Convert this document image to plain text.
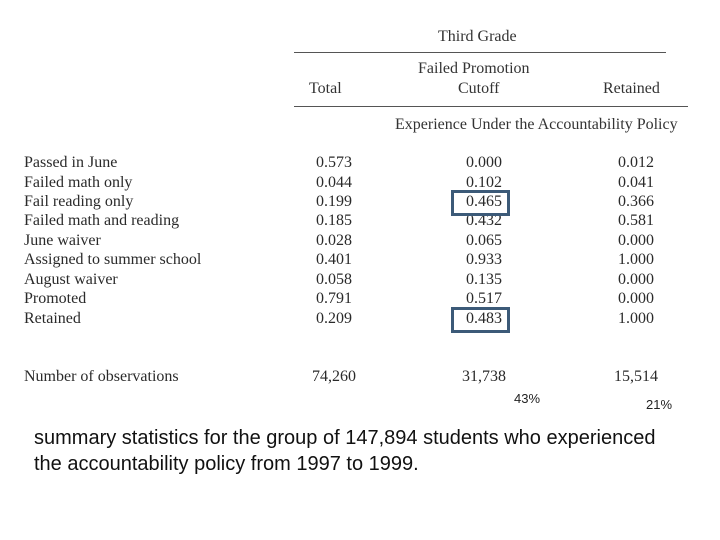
Third Grade
Failed Promotion
Total	Cutoff	Retained
Experience Under the Accountability Policy
Passed in June	0.573	0.000	0.012
Failed math only	0.044	0.102	0.041
Fail reading only	0.199	0.465	0.366
Failed math and reading	0.185	0.432	0.581
June waiver	0.028	0.065	0.000
Assigned to summer school	0.401	0.933	1.000
August waiver	0.058	0.135	0.000
Promoted	0.791	0.517	0.000
Retained	0.209	0.483	1.000
Number of observations	74,260	31,738	15,514
43%	21%
summary statistics for the group of 147,894 students who experienced the accountability policy from 1997 to 1999.
